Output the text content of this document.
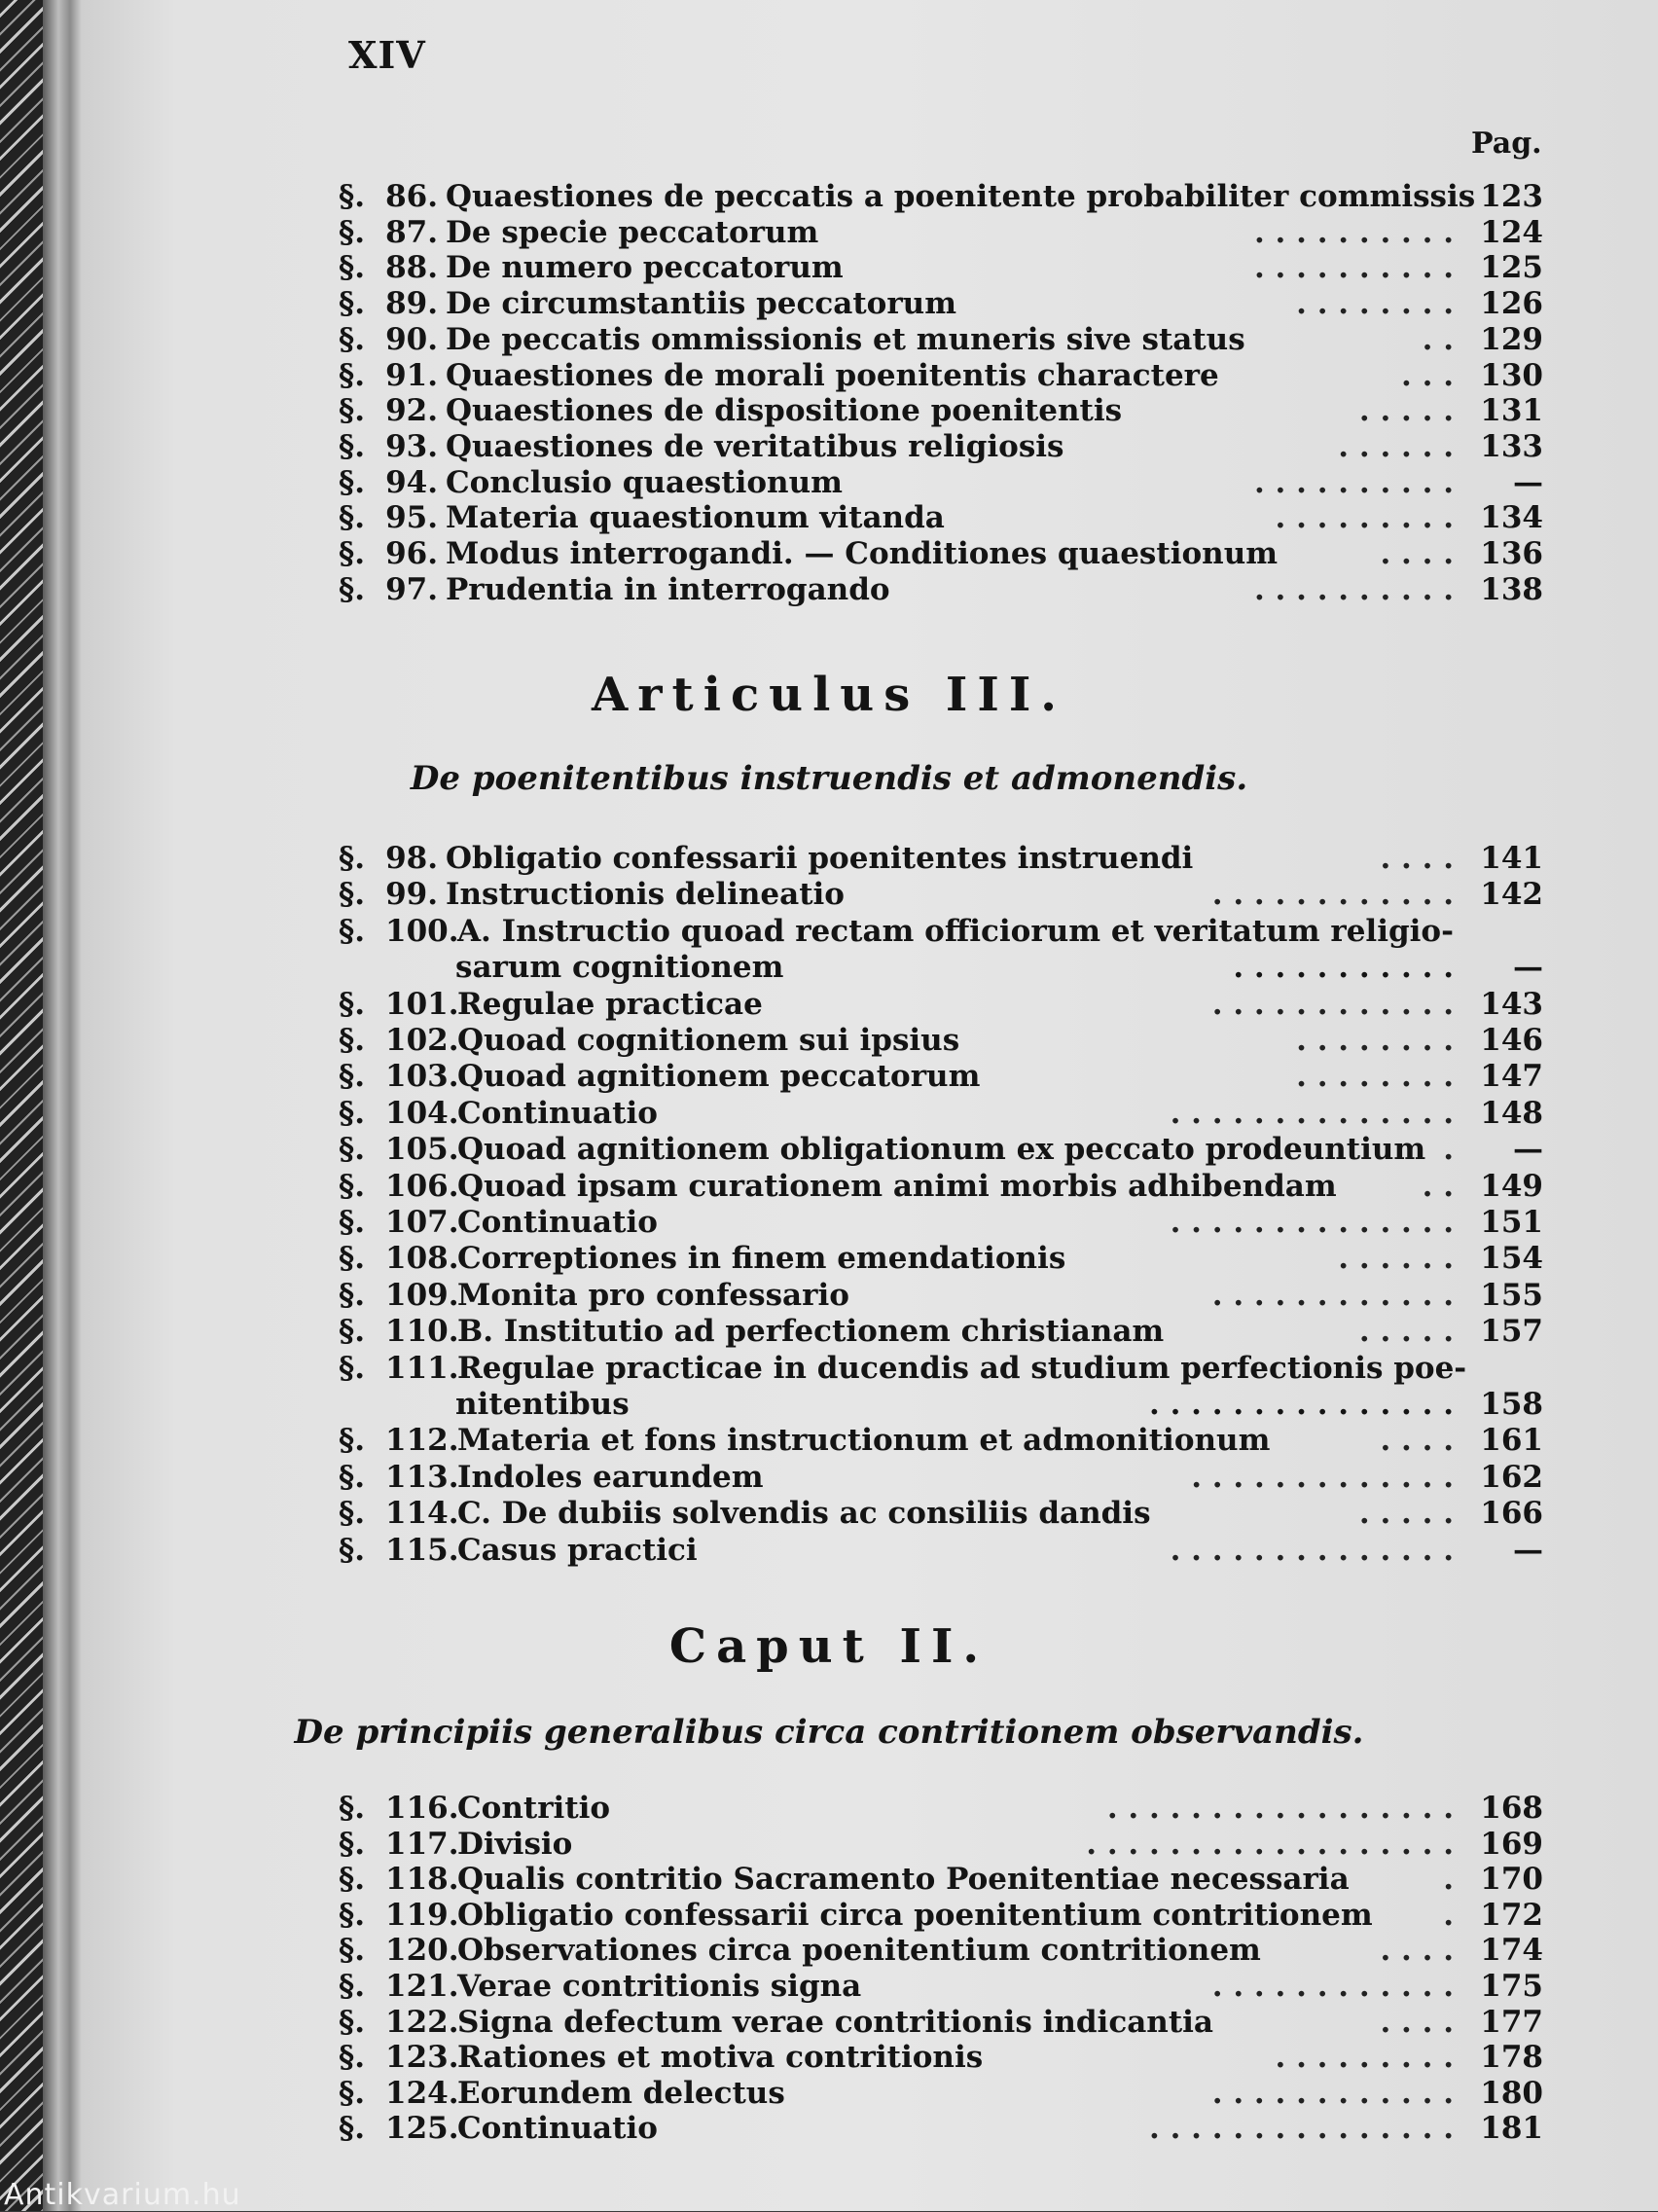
XIV
Pag.
§. 86. Quaestiones de peccatis a poenitente probabiliter commissis 123
§. 87. De specie peccatorum	. . . . . . . . . . 124
§. 88. De numero peccatorum	. . . . . . . . . . 125
§. 89. De circumstantiis peccatorum	. . . . . . . . 126
§. 90. De peccatis ommissionis et muneris sive status	. . 129
§. 91. Quaestiones de morali poenitentis charactere	. . . 130
§. 92. Quaestiones de dispositione poenitentis	. . . . . 131
§. 93. Quaestiones de veritatibus religiosis	. . . . . . 133
§. 94. Conclusio quaestionum	. . . . . . . . . .	—
§. 95. Materia quaestionum vitanda	. . . . . . . . . 134
§. 96. Modus interrogandi. — Conditiones quaestionum	. . . . 136
§. 97. Prudentia in interrogando	. . . . . . . . . . 138
Articulus III.
De poenitentibus instruendis et admonendis.
§. 98. Obligatio confessarii poenitentes instruendi	. . . . 141
§. 99. Instructionis delineatio	. . . . . . . . . . . . 142
§. 100.
A. Instructio quoad rectam officiorum et veritatum religio-
sarum cognitionem	. . . . . . . . . . .	—
§. 101.
Regulae practicae	. . . . . . . . . . . . 143
§. 102.
Quoad cognitionem sui ipsius	. . . . . . . . 146
§. 103.
Quoad agnitionem peccatorum	. . . . . . . . 147
§. 104.
Continuatio	. . . . . . . . . . . . . . 148
§. 105.
Quoad agnitionem obligationum ex peccato prodeuntium .	—
§. 106.
Quoad ipsam curationem animi morbis adhibendam	. . 149
§. 107.
Continuatio	. . . . . . . . . . . . . . 151
§. 108.
Correptiones in finem emendationis	. . . . . . 154
§. 109.
Monita pro confessario	. . . . . . . . . . . . 155
§. 110.
B. Institutio ad perfectionem christianam	. . . . . 157
§. 111.
Regulae practicae in ducendis ad studium perfectionis poe-
nitentibus	. . . . . . . . . . . . . . . 158
§. 112.
Materia et fons instructionum et admonitionum	. . . . 161
§. 113.
Indoles earundem	. . . . . . . . . . . . . 162
§. 114.
C. De dubiis solvendis ac consiliis dandis	. . . . . 166
§. 115.
Casus practici	. . . . . . . . . . . . . .	—
Caput II.
De principiis generalibus circa contritionem observandis.
§. 116.
Contritio	. . . . . . . . . . . . . . . . . 168
§. 117.
Divisio	. . . . . . . . . . . . . . . . . . 169
§. 118.
Qualis contritio Sacramento Poenitentiae necessaria	. 170
§. 119.
Obligatio confessarii circa poenitentium contritionem . 172
§. 120.
Observationes circa poenitentium contritionem	. . . . 174
§. 121.
Verae contritionis signa	. . . . . . . . . . . . 175
§. 122.
Signa defectum verae contritionis indicantia	. . . . 177
§. 123.
Rationes et motiva contritionis	. . . . . . . . . 178
§. 124.
Eorundem delectus	. . . . . . . . . . . . 180
§. 125.
Continuatio	. . . . . . . . . . . . . . . 181
Antikvarium.hu
